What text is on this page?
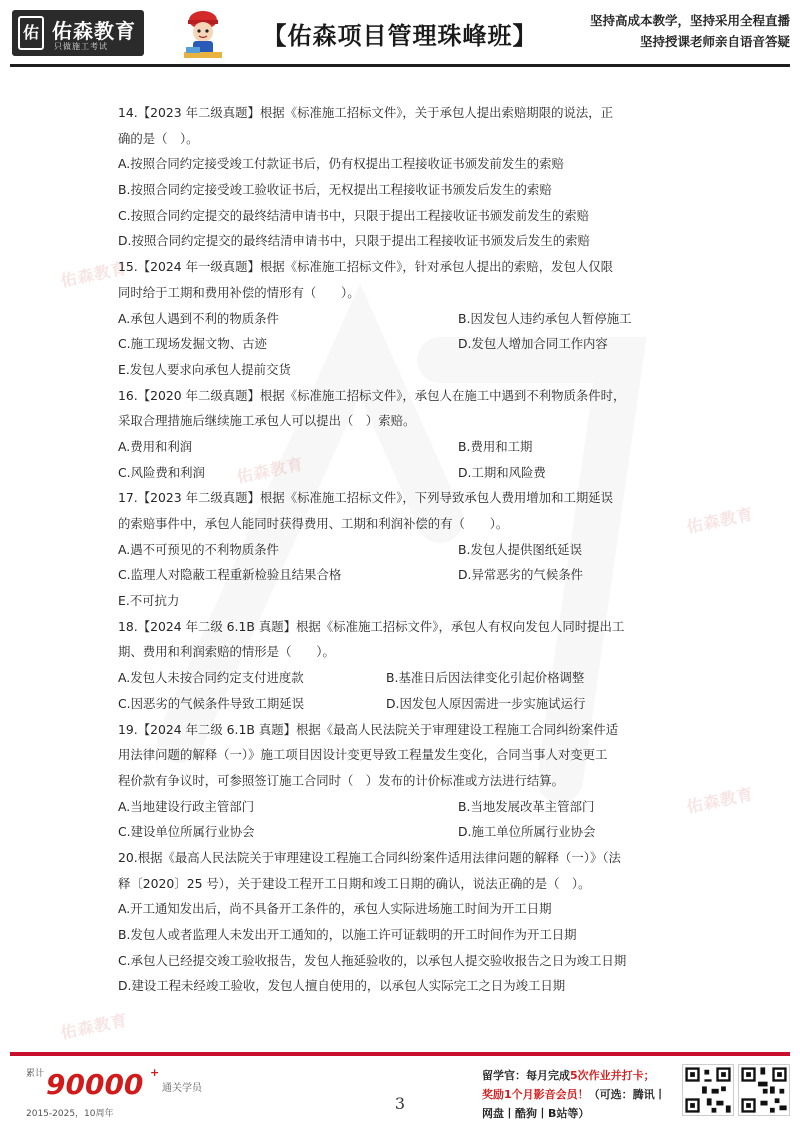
佑 佑森教育
只做施工考试	【佑森项目管理珠峰班】
坚持高成本教学，坚持采用全程直播
坚持授课老师亲自语音答疑
佑森教育
佑森教育
佑森教育
佑森教育
佑森教育
14.【2023 年二级真题】根据《标准施工招标文件》，关于承包人提出索赔期限的说法，正
确的是（　）。
A.按照合同约定接受竣工付款证书后，仍有权提出工程接收证书颁发前发生的索赔
B.按照合同约定接受竣工验收证书后，无权提出工程接收证书颁发后发生的索赔
C.按照合同约定提交的最终结清申请书中，只限于提出工程接收证书颁发前发生的索赔
D.按照合同约定提交的最终结清申请书中，只限于提出工程接收证书颁发后发生的索赔
15.【2024 年一级真题】根据《标准施工招标文件》，针对承包人提出的索赔，发包人仅限
同时给于工期和费用补偿的情形有（　　）。
A.承包人遇到不利的物质条件	B.因发包人违约承包人暂停施工
C.施工现场发掘文物、古迹	D.发包人增加合同工作内容
E.发包人要求向承包人提前交货
16.【2020 年二级真题】根据《标准施工招标文件》，承包人在施工中遇到不利物质条件时，
采取合理措施后继续施工承包人可以提出（　）索赔。
A.费用和利润	B.费用和工期
C.风险费和利润	D.工期和风险费
17.【2023 年二级真题】根据《标准施工招标文件》，下列导致承包人费用增加和工期延误
的索赔事件中，承包人能同时获得费用、工期和利润补偿的有（　　）。
A.遇不可预见的不利物质条件	B.发包人提供图纸延误
C.监理人对隐蔽工程重新检验且结果合格	D.异常恶劣的气候条件
E.不可抗力
18.【2024 年二级 6.1B 真题】根据《标准施工招标文件》，承包人有权向发包人同时提出工
期、费用和利润索赔的情形是（　　）。
A.发包人未按合同约定支付进度款	B.基准日后因法律变化引起价格调整
C.因恶劣的气候条件导致工期延误	D.因发包人原因需进一步实施试运行
19.【2024 年二级 6.1B 真题】根据《最高人民法院关于审理建设工程施工合同纠纷案件适
用法律问题的解释（一）》施工项目因设计变更导致工程量发生变化，合同当事人对变更工
程价款有争议时，可参照签订施工合同时（　）发布的计价标准或方法进行结算。
A.当地建设行政主管部门	B.当地发展改革主管部门
C.建设单位所属行业协会	D.施工单位所属行业协会
20.根据《最高人民法院关于审理建设工程施工合同纠纷案件适用法律问题的解释（一）》（法
释〔2020〕25 号），关于建设工程开工日期和竣工日期的确认，说法正确的是（　）。
A.开工通知发出后，尚不具备开工条件的，承包人实际进场施工时间为开工日期
B.发包人或者监理人未发出开工通知的，以施工许可证载明的开工时间作为开工日期
C.承包人已经提交竣工验收报告，发包人拖延验收的，以承包人提交验收报告之日为竣工日期
D.建设工程未经竣工验收，发包人擅自使用的，以承包人实际完工之日为竣工日期
累计 90000 +
通关学员
2015-2025，10周年
3
留学官：每月完成5次作业并打卡；
奖励1个月影音会员！（可选：腾讯丨
网盘丨酷狗丨B站等）
